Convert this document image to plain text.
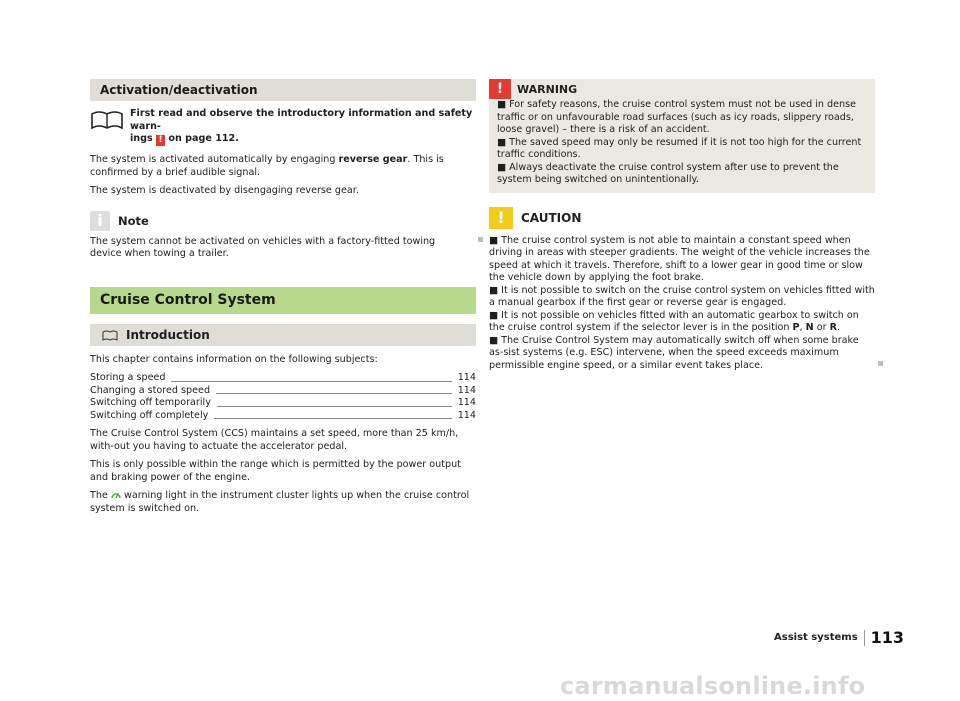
Activation/deactivation
First read and observe the introductory information and safety warn-
ings ! on page 112.

The system is activated automatically by engaging reverse gear. This is confirmed by a brief audible signal.

The system is deactivated by disengaging reverse gear.

i	Note

The system cannot be activated on vehicles with a factory-fitted towing device when towing a trailer.

Cruise Control System
Introduction

This chapter contains information on the following subjects:

Storing a speed	114
Changing a stored speed	114
Switching off temporarily	114
Switching off completely	114

The Cruise Control System (CCS) maintains a set speed, more than 25 km/h, with-out you having to actuate the accelerator pedal.

This is only possible within the range which is permitted by the power output and braking power of the engine.

The warning light in the instrument cluster lights up when the cruise control system is switched on.

!	WARNING

■ For safety reasons, the cruise control system must not be used in dense traffic or on unfavourable road surfaces (such as icy roads, slippery roads, loose gravel) – there is a risk of an accident.

■ The saved speed may only be resumed if it is not too high for the current traffic conditions.

■ Always deactivate the cruise control system after use to prevent the system being switched on unintentionally.

!	CAUTION

■ The cruise control system is not able to maintain a constant speed when driving in areas with steeper gradients. The weight of the vehicle increases the speed at which it travels. Therefore, shift to a lower gear in good time or slow the vehicle down by applying the foot brake.

■ It is not possible to switch on the cruise control system on vehicles fitted with a manual gearbox if the first gear or reverse gear is engaged.

■ It is not possible on vehicles fitted with an automatic gearbox to switch on the cruise control system if the selector lever is in the position P, N or R.

■ The Cruise Control System may automatically switch off when some brake as-sist systems (e.g. ESC) intervene, when the speed exceeds maximum permissible engine speed, or a similar event takes place.

Assist systems 113
carmanualsonline.info
